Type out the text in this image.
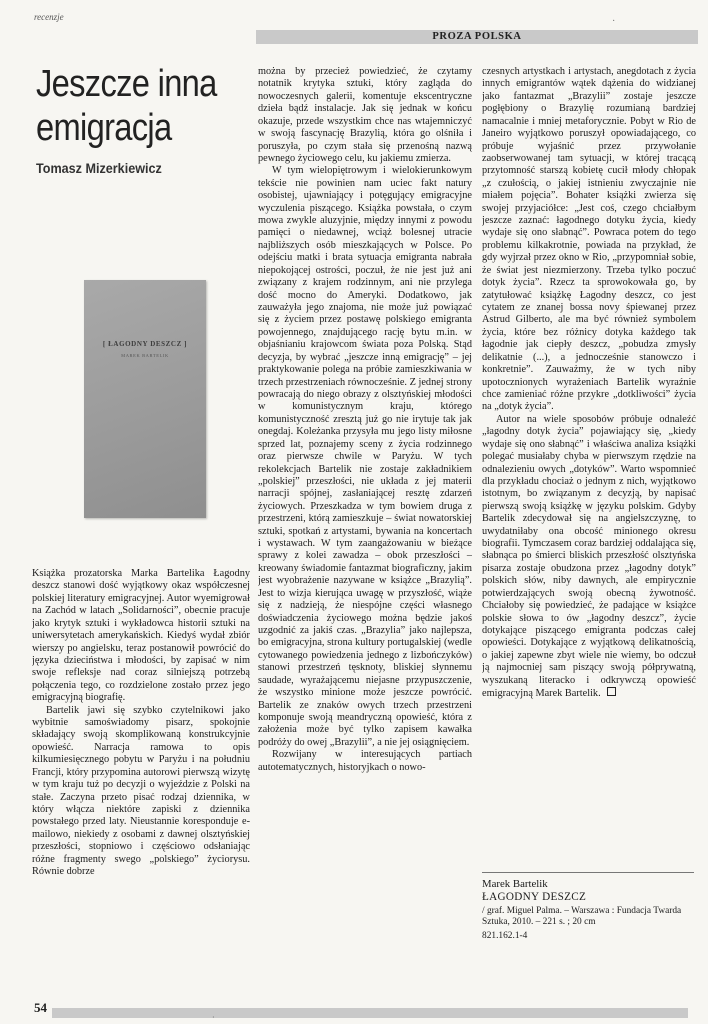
recenzje
PROZA POLSKA
·
Jeszcze inna
emigracja
Tomasz Mizerkiewicz
[ ŁAGODNY DESZCZ ]
MAREK BARTELIK

Książka prozatorska Marka Bartelika Łagodny deszcz stanowi dość wyjątkowy okaz współczesnej polskiej literatury emigracyjnej. Autor wyemigrował na Zachód w latach „Solidarności”, obecnie pracuje jako krytyk sztuki i wykładowca historii sztuki na uniwersytetach amerykańskich. Kiedyś wydał zbiór wierszy po angielsku, teraz postanowił powrócić do języka dzieciństwa i młodości, by zapisać w nim swoje refleksje nad coraz silniejszą potrzebą połączenia tego, co rozdzielone zostało przez jego emigracyjną biografię.

Bartelik jawi się szybko czytelnikowi jako wybitnie samoświadomy pisarz, spokojnie składający swoją skomplikowaną konstrukcyjnie opowieść. Narracja ramowa to opis kilkumiesięcznego pobytu w Paryżu i na południu Francji, który przypomina autorowi pierwszą wizytę w tym kraju tuż po decyzji o wyjeździe z Polski na stałe. Zaczyna przeto pisać rodzaj dziennika, w który włącza niektóre zapiski z dziennika powstałego przed laty. Nieustannie koresponduje e-mailowo, niekiedy z osobami z dawnej olsztyńskiej przeszłości, stopniowo i częściowo odsłaniając różne fragmenty swego „polskiego” życiorysu. Równie dobrze

można by przecież powiedzieć, że czytamy notatnik krytyka sztuki, który zagląda do nowoczesnych galerii, komentuje ekscentryczne dzieła bądź instalacje. Jak się jednak w końcu okazuje, przede wszystkim chce nas wtajemniczyć w swoją fascynację Brazylią, która go olśniła i poruszyła, po czym stała się przenośną nazwą pewnego życiowego celu, ku jakiemu zmierza.

W tym wielopiętrowym i wielokierunkowym tekście nie powinien nam uciec fakt natury osobistej, ujawniający i potęgujący emigracyjne wyczulenia piszącego. Książka powstała, o czym mowa zwykle aluzyjnie, między innymi z powodu pamięci o niedawnej, wciąż bolesnej utracie najbliższych osób mieszkających w Polsce. Po odejściu matki i brata sytuacja emigranta nabrała niepokojącej ostrości, poczuł, że nie jest już ani związany z krajem rodzinnym, ani nie przylega dość mocno do Ameryki. Dodatkowo, jak zauważyła jego znajoma, nie może już powiązać się z życiem przez postawę polskiego emigranta powojennego, znajdującego rację bytu m.in. w objaśnianiu krajowcom świata poza Polską. Stąd decyzja, by wybrać „jeszcze inną emigrację” – jej praktykowanie polega na próbie zamieszkiwania w trzech przestrzeniach równocześnie. Z jednej strony powracają do niego obrazy z olsztyńskiej młodości w komunistycznym kraju, którego komunistyczność zresztą już go nie irytuje tak jak onegdaj. Koleżanka przysyła mu jego listy miłosne sprzed lat, poznajemy sceny z życia rodzinnego oraz pierwsze chwile w Paryżu. W tych rekolekcjach Bartelik nie zostaje zakładnikiem „polskiej” przeszłości, nie układa z jej materii narracji spójnej, zasłaniającej resztę zdarzeń życiowych. Przeszkadza w tym bowiem druga z przestrzeni, którą zamieszkuje – świat nowatorskiej sztuki, spotkań z artystami, bywania na koncertach i wystawach. W tym zaangażowaniu w bieżące sprawy z kolei zawadza – obok przeszłości – kreowany świadomie fantazmat biograficzny, jakim jest wyobrażenie nazywane w książce „Brazylią”. Jest to wizja kierująca uwagę w przyszłość, wiąże się z nadzieją, że niespójne części własnego doświadczenia życiowego można będzie jakoś uzgodnić za jakiś czas. „Brazylia” jako najlepsza, bo emigracyjna, strona kultury portugalskiej (wedle cytowanego powiedzenia jednego z lizbończyków) stanowi przestrzeń tęsknoty, bliskiej słynnemu saudade, wyrażającemu niejasne przypuszczenie, że wszystko minione może jeszcze powrócić. Bartelik ze znaków owych trzech przestrzeni komponuje swoją meandryczną opowieść, która z założenia może być tylko zapisem kawałka podróży do owej „Brazylii”, a nie jej osiągnięciem.

Rozwijany w interesujących partiach autotematycznych, historyjkach o nowo-

czesnych artystkach i artystach, anegdotach z życia innych emigrantów wątek dążenia do widzianej jako fantazmat „Brazylii” zostaje jeszcze pogłębiony o Brazylię rozumianą bardziej namacalnie i mniej metaforycznie. Pobyt w Rio de Janeiro wyjątkowo poruszył opowiadającego, co próbuje wyjaśnić przez przywołanie zaobserwowanej tam sytuacji, w której tracącą przytomność starszą kobietę cucił młody chłopak „z czułością, o jakiej istnieniu zwyczajnie nie miałem pojęcia”. Bohater książki zwierza się swojej przyjaciółce: „Jest coś, czego chciałbym jeszcze zaznać: łagodnego dotyku życia, kiedy wydaje się ono słabnąć”. Powraca potem do tego problemu kilkakrotnie, powiada na przykład, że gdy wyjrzał przez okno w Rio, „przypomniał sobie, że świat jest niezmierzony. Trzeba tylko poczuć dotyk życia”. Rzecz ta sprowokowała go, by zatytułować książkę Łagodny deszcz, co jest cytatem ze znanej bossa novy śpiewanej przez Astrud Gilberto, ale ma być również symbolem życia, które bez różnicy dotyka każdego tak łagodnie jak ciepły deszcz, „pobudza zmysły delikatnie (...), a jednocześnie stanowczo i konkretnie”. Zauważmy, że w tych niby upotocznionych wyrażeniach Bartelik wyraźnie chce zamieniać różne przykre „dotkliwości” życia na „dotyk życia”.

Autor na wiele sposobów próbuje odnaleźć „łagodny dotyk życia” pojawiający się, „kiedy wydaje się ono słabnąć” i właściwa analiza książki polegać musiałaby chyba w pierwszym rzędzie na odnalezieniu owych „dotyków”. Warto wspomnieć dla przykładu chociaż o jednym z nich, wyjątkowo istotnym, bo związanym z decyzją, by napisać pierwszą swoją książkę w języku polskim. Gdyby Bartelik zdecydował się na angielszczyznę, to uwydatniłaby ona obcość minionego okresu biografii. Tymczasem coraz bardziej oddalająca się, słabnąca po śmierci bliskich przeszłość olsztyńska pisarza zostaje obudzona przez „łagodny dotyk” polskich słów, niby dawnych, ale empirycznie potwierdzających swoją obecną żywotność. Chciałoby się powiedzieć, że padające w książce polskie słowa to ów „łagodny deszcz”, życie dotykające piszącego emigranta podczas całej opowieści. Dotykające z wyjątkową delikatnością, o jakiej zapewne zbyt wiele nie wiemy, bo odczuł ją najmocniej sam piszący swoją półprywatną, wyszukaną literacko i odkrywczą opowieść emigracyjną Marek Bartelik.

Marek Bartelik
ŁAGODNY DESZCZ
/ graf. Miguel Palma. – Warszawa : Fundacja Twarda Sztuka, 2010. – 221 s. ; 20 cm
821.162.1-4
54
·
